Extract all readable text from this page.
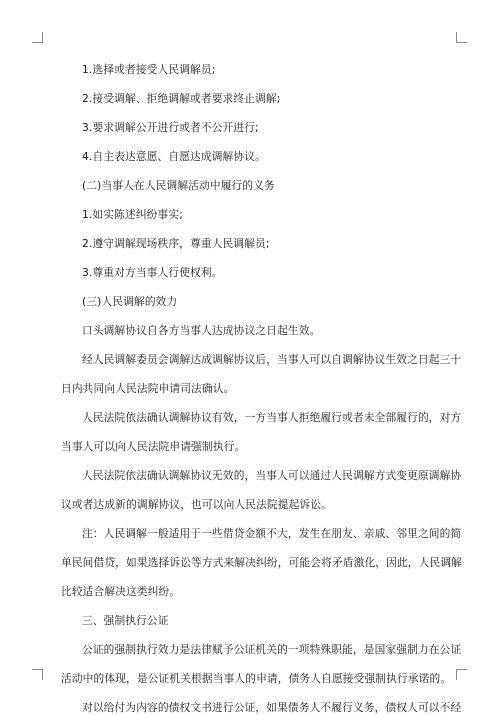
1.选择或者接受人民调解员;
2.接受调解、拒绝调解或者要求终止调解;
3.要求调解公开进行或者不公开进行;
4.自主表达意愿、自愿达成调解协议。
(二)当事人在人民调解活动中履行的义务
1.如实陈述纠纷事实;
2.遵守调解现场秩序，尊重人民调解员;
3.尊重对方当事人行使权利。
(三)人民调解的效力
口头调解协议自各方当事人达成协议之日起生效。
经人民调解委员会调解达成调解协议后，当事人可以自调解协议生效之日起三十
日内共同向人民法院申请司法确认。
人民法院依法确认调解协议有效，一方当事人拒绝履行或者未全部履行的，对方
当事人可以向人民法院申请强制执行。
人民法院依法确认调解协议无效的，当事人可以通过人民调解方式变更原调解协
议或者达成新的调解协议，也可以向人民法院提起诉讼。
注：人民调解一般适用于一些借贷金额不大，发生在朋友、亲戚、邻里之间的简
单民间借贷，如果选择诉讼等方式来解决纠纷，可能会将矛盾激化，因此，人民调解
比较适合解决这类纠纷。
三、强制执行公证
公证的强制执行效力是法律赋予公证机关的一项特殊职能，是国家强制力在公证
活动中的体现，是公证机关根据当事人的申请，债务人自愿接受强制执行承诺的。
对以给付为内容的债权文书进行公证，如果债务人不履行义务，债权人可以不经
